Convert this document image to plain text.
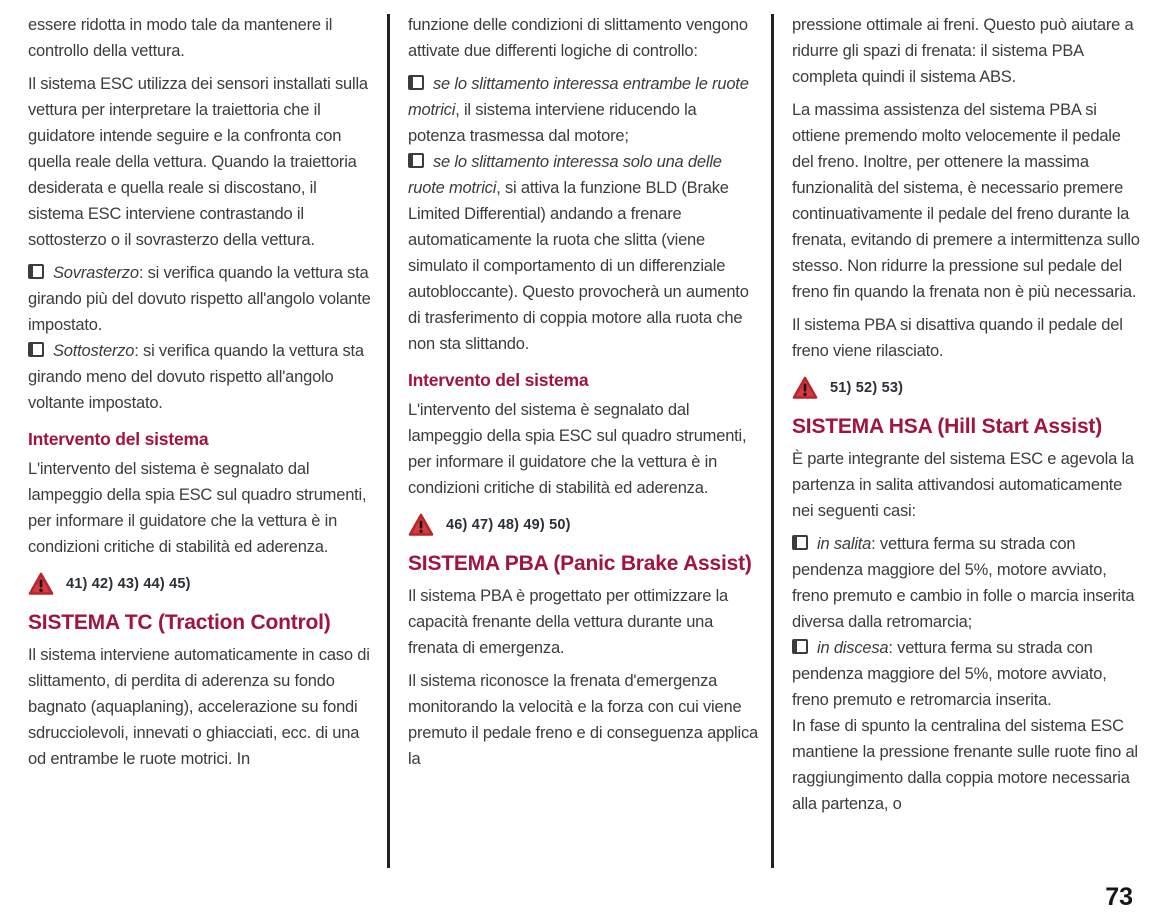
essere ridotta in modo tale da mantenere il controllo della vettura.

Il sistema ESC utilizza dei sensori installati sulla vettura per interpretare la traiettoria che il guidatore intende seguire e la confronta con quella reale della vettura. Quando la traiettoria desiderata e quella reale si discostano, il sistema ESC interviene contrastando il sottosterzo o il sovrasterzo della vettura.

Sovrasterzo: si verifica quando la vettura sta girando più del dovuto rispetto all'angolo volante impostato.

Sottosterzo: si verifica quando la vettura sta girando meno del dovuto rispetto all'angolo voltante impostato.

Intervento del sistema

L'intervento del sistema è segnalato dal lampeggio della spia ESC sul quadro strumenti, per informare il guidatore che la vettura è in condizioni critiche di stabilità ed aderenza.

41) 42) 43) 44) 45)
SISTEMA TC (Traction Control)

Il sistema interviene automaticamente in caso di slittamento, di perdita di aderenza su fondo bagnato (aquaplaning), accelerazione su fondi sdrucciolevoli, innevati o ghiacciati, ecc. di una od entrambe le ruote motrici. In

funzione delle condizioni di slittamento vengono attivate due differenti logiche di controllo:

se lo slittamento interessa entrambe le ruote motrici, il sistema interviene riducendo la potenza trasmessa dal motore;

se lo slittamento interessa solo una delle ruote motrici, si attiva la funzione BLD (Brake Limited Differential) andando a frenare automaticamente la ruota che slitta (viene simulato il comportamento di un differenziale autobloccante). Questo provocherà un aumento di trasferimento di coppia motore alla ruota che non sta slittando.

Intervento del sistema

L'intervento del sistema è segnalato dal lampeggio della spia ESC sul quadro strumenti, per informare il guidatore che la vettura è in condizioni critiche di stabilità ed aderenza.

46) 47) 48) 49) 50)
SISTEMA PBA (Panic Brake Assist)

Il sistema PBA è progettato per ottimizzare la capacità frenante della vettura durante una frenata di emergenza.

Il sistema riconosce la frenata d'emergenza monitorando la velocità e la forza con cui viene premuto il pedale freno e di conseguenza applica la

pressione ottimale ai freni. Questo può aiutare a ridurre gli spazi di frenata: il sistema PBA completa quindi il sistema ABS.

La massima assistenza del sistema PBA si ottiene premendo molto velocemente il pedale del freno. Inoltre, per ottenere la massima funzionalità del sistema, è necessario premere continuativamente il pedale del freno durante la frenata, evitando di premere a intermittenza sullo stesso. Non ridurre la pressione sul pedale del freno fin quando la frenata non è più necessaria.

Il sistema PBA si disattiva quando il pedale del freno viene rilasciato.

51) 52) 53)
SISTEMA HSA (Hill Start Assist)

È parte integrante del sistema ESC e agevola la partenza in salita attivandosi automaticamente nei seguenti casi:

in salita: vettura ferma su strada con pendenza maggiore del 5%, motore avviato, freno premuto e cambio in folle o marcia inserita diversa dalla retromarcia;

in discesa: vettura ferma su strada con pendenza maggiore del 5%, motore avviato, freno premuto e retromarcia inserita.

In fase di spunto la centralina del sistema ESC mantiene la pressione frenante sulle ruote fino al raggiungimento dalla coppia motore necessaria alla partenza, o

73
